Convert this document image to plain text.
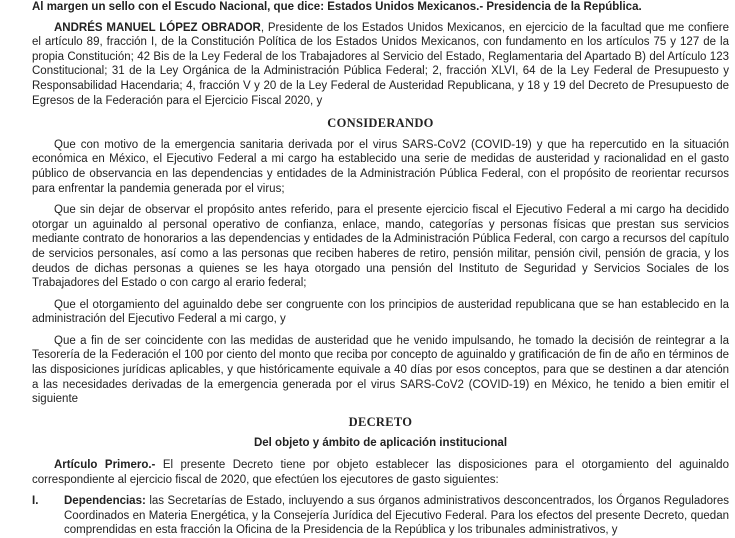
Al margen un sello con el Escudo Nacional, que dice: Estados Unidos Mexicanos.- Presidencia de la República.

ANDRÉS MANUEL LÓPEZ OBRADOR, Presidente de los Estados Unidos Mexicanos, en ejercicio de la facultad que me confiere el artículo 89, fracción I, de la Constitución Política de los Estados Unidos Mexicanos, con fundamento en los artículos 75 y 127 de la propia Constitución; 42 Bis de la Ley Federal de los Trabajadores al Servicio del Estado, Reglamentaria del Apartado B) del Artículo 123 Constitucional; 31 de la Ley Orgánica de la Administración Pública Federal; 2, fracción XLVI, 64 de la Ley Federal de Presupuesto y Responsabilidad Hacendaria; 4, fracción V y 20 de la Ley Federal de Austeridad Republicana, y 18 y 19 del Decreto de Presupuesto de Egresos de la Federación para el Ejercicio Fiscal 2020, y

CONSIDERANDO

Que con motivo de la emergencia sanitaria derivada por el virus SARS-CoV2 (COVID-19) y que ha repercutido en la situación económica en México, el Ejecutivo Federal a mi cargo ha establecido una serie de medidas de austeridad y racionalidad en el gasto público de observancia en las dependencias y entidades de la Administración Pública Federal, con el propósito de reorientar recursos para enfrentar la pandemia generada por el virus;

Que sin dejar de observar el propósito antes referido, para el presente ejercicio fiscal el Ejecutivo Federal a mi cargo ha decidido otorgar un aguinaldo al personal operativo de confianza, enlace, mando, categorías y personas físicas que prestan sus servicios mediante contrato de honorarios a las dependencias y entidades de la Administración Pública Federal, con cargo a recursos del capítulo de servicios personales, así como a las personas que reciben haberes de retiro, pensión militar, pensión civil, pensión de gracia, y los deudos de dichas personas a quienes se les haya otorgado una pensión del Instituto de Seguridad y Servicios Sociales de los Trabajadores del Estado o con cargo al erario federal;

Que el otorgamiento del aguinaldo debe ser congruente con los principios de austeridad republicana que se han establecido en la administración del Ejecutivo Federal a mi cargo, y

Que a fin de ser coincidente con las medidas de austeridad que he venido impulsando, he tomado la decisión de reintegrar a la Tesorería de la Federación el 100 por ciento del monto que reciba por concepto de aguinaldo y gratificación de fin de año en términos de las disposiciones jurídicas aplicables, y que históricamente equivale a 40 días por esos conceptos, para que se destinen a dar atención a las necesidades derivadas de la emergencia generada por el virus SARS-CoV2 (COVID-19) en México, he tenido a bien emitir el siguiente

DECRETO
Del objeto y ámbito de aplicación institucional

Artículo Primero.- El presente Decreto tiene por objeto establecer las disposiciones para el otorgamiento del aguinaldo correspondiente al ejercicio fiscal de 2020, que efectúen los ejecutores de gasto siguientes:

I.	Dependencias: las Secretarías de Estado, incluyendo a sus órganos administrativos desconcentrados, los Órganos Reguladores Coordinados en Materia Energética, y la Consejería Jurídica del Ejecutivo Federal. Para los efectos del presente Decreto, quedan comprendidas en esta fracción la Oficina de la Presidencia de la República y los tribunales administrativos, y
